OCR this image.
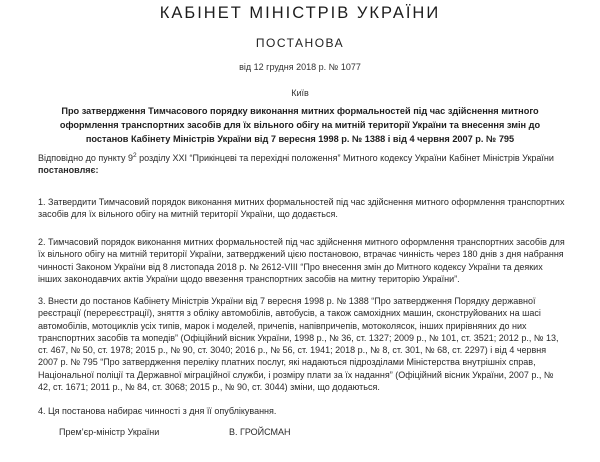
КАБІНЕТ МІНІСТРІВ УКРАЇНИ
ПОСТАНОВА
від 12 грудня 2018 р. № 1077
Київ
Про затвердження Тимчасового порядку виконання митних формальностей під час здійснення митного оформлення транспортних засобів для їх вільного обігу на митній території України та внесення змін до постанов Кабінету Міністрів України від 7 вересня 1998 р. № 1388 і від 4 червня 2007 р. № 795
Відповідно до пункту $9^2$ розділу XXI “Прикінцеві та перехідні положення” Митного кодексу України Кабінет Міністрів України постановляє:
1. Затвердити Тимчасовий порядок виконання митних формальностей під час здійснення митного оформлення транспортних засобів для їх вільного обігу на митній території України, що додається.
2. Тимчасовий порядок виконання митних формальностей під час здійснення митного оформлення транспортних засобів для їх вільного обігу на митній території України, затверджений цією постановою, втрачає чинність через 180 днів з дня набрання чинності Законом України від 8 листопада 2018 р. № 2612-VIII “Про внесення змін до Митного кодексу України та деяких інших законодавчих актів України щодо ввезення транспортних засобів на митну територію України”.
3. Внести до постанов Кабінету Міністрів України від 7 вересня 1998 р. № 1388 “Про затвердження Порядку державної реєстрації (перереєстрації), зняття з обліку автомобілів, автобусів, а також самохідних машин, сконструйованих на шасі автомобілів, мотоциклів усіх типів, марок і моделей, причепів, напівпричепів, мотоколясок, інших прирівняних до них транспортних засобів та мопедів” (Офіційний вісник України, 1998 р., № 36, ст. 1327; 2009 р., № 101, ст. 3521; 2012 р., № 13, ст. 467, № 50, ст. 1978; 2015 р., № 90, ст. 3040; 2016 р., № 56, ст. 1941; 2018 р., № 8, ст. 301, № 68, ст. 2297) і від 4 червня 2007 р. № 795 “Про затвердження переліку платних послуг, які надаються підрозділами Міністерства внутрішніх справ, Національної поліції та Державної міграційної служби, і розміру плати за їх надання” (Офіційний вісник України, 2007 р., № 42, ст. 1671; 2011 р., № 84, ст. 3068; 2015 р., № 90, ст. 3044) зміни, що додаються.
4. Ця постанова набирає чинності з дня її опублікування.
Прем’єр-міністр України	В. ГРОЙСМАН
